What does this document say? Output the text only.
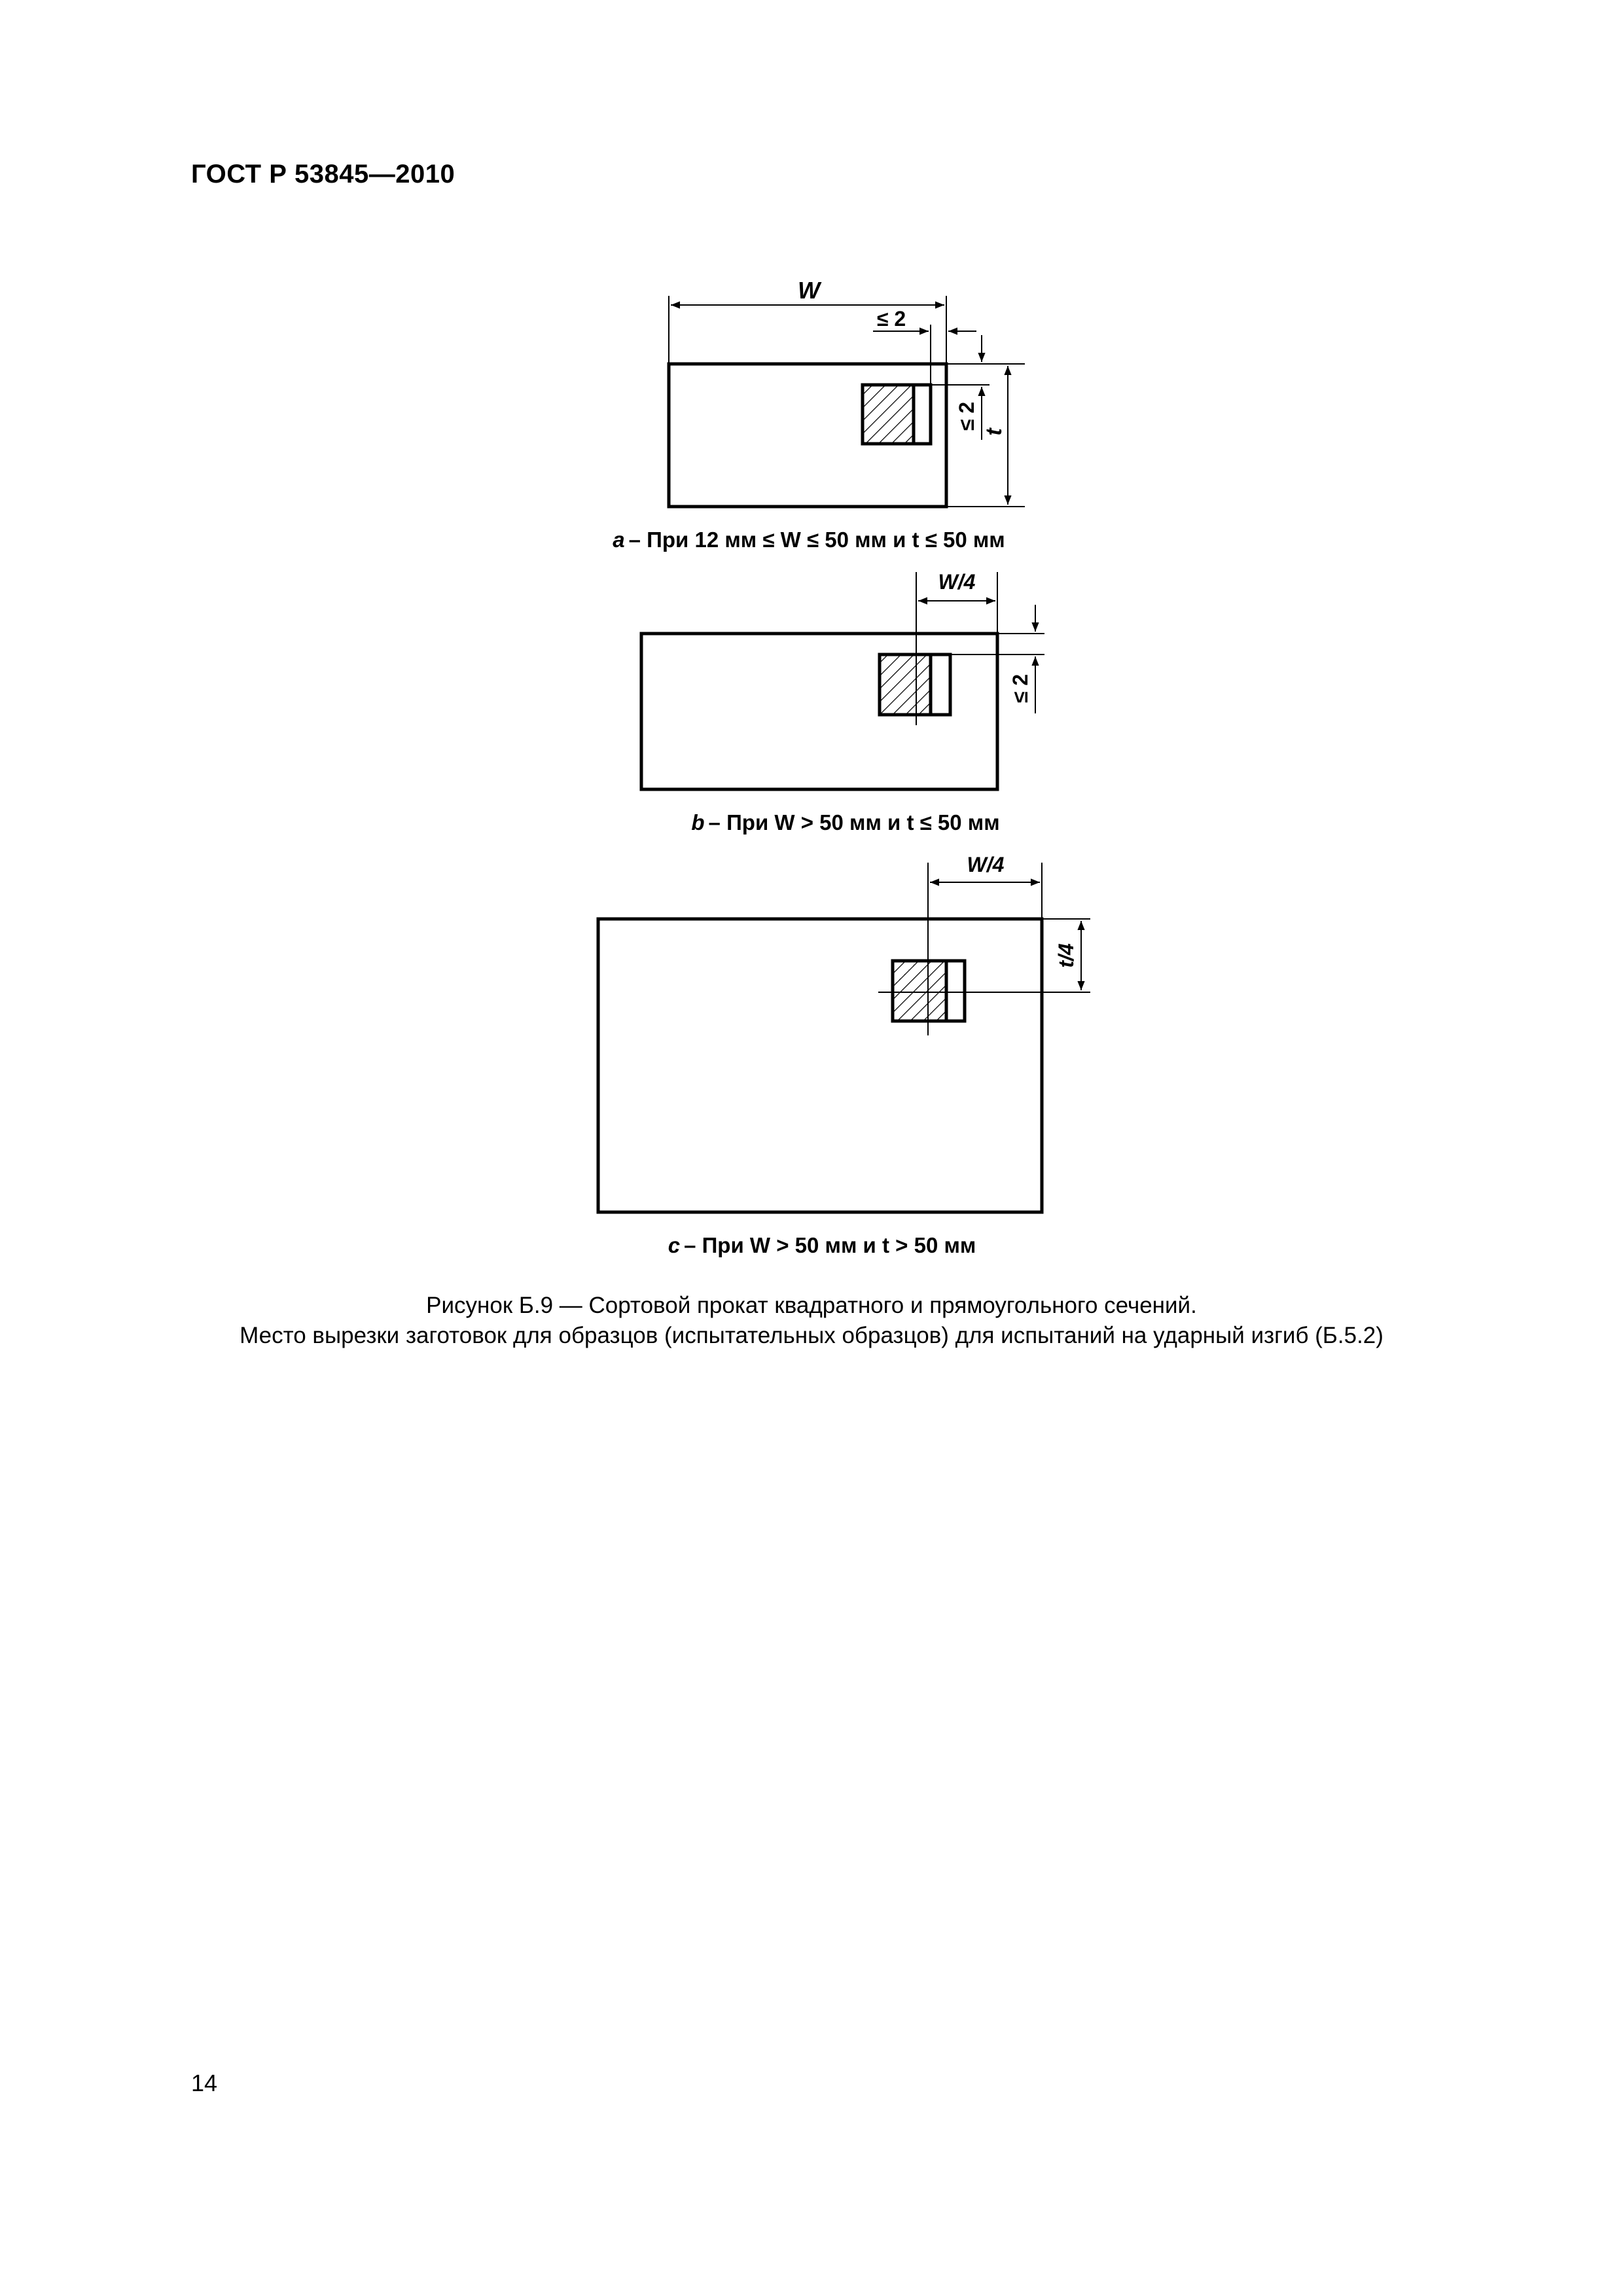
ГОСТ Р 53845—2010
W
≤ 2
≤ 2
t
a – При 12 мм ≤ W ≤ 50 мм и t ≤ 50 мм
W/4
≤ 2
b – При W > 50 мм и t ≤ 50 мм
W/4
t/4
c – При W > 50 мм и t > 50 мм
Рисунок Б.9 — Сортовой прокат квадратного и прямоугольного сечений.
Место вырезки заготовок для образцов (испытательных образцов) для испытаний на ударный изгиб (Б.5.2)
14
